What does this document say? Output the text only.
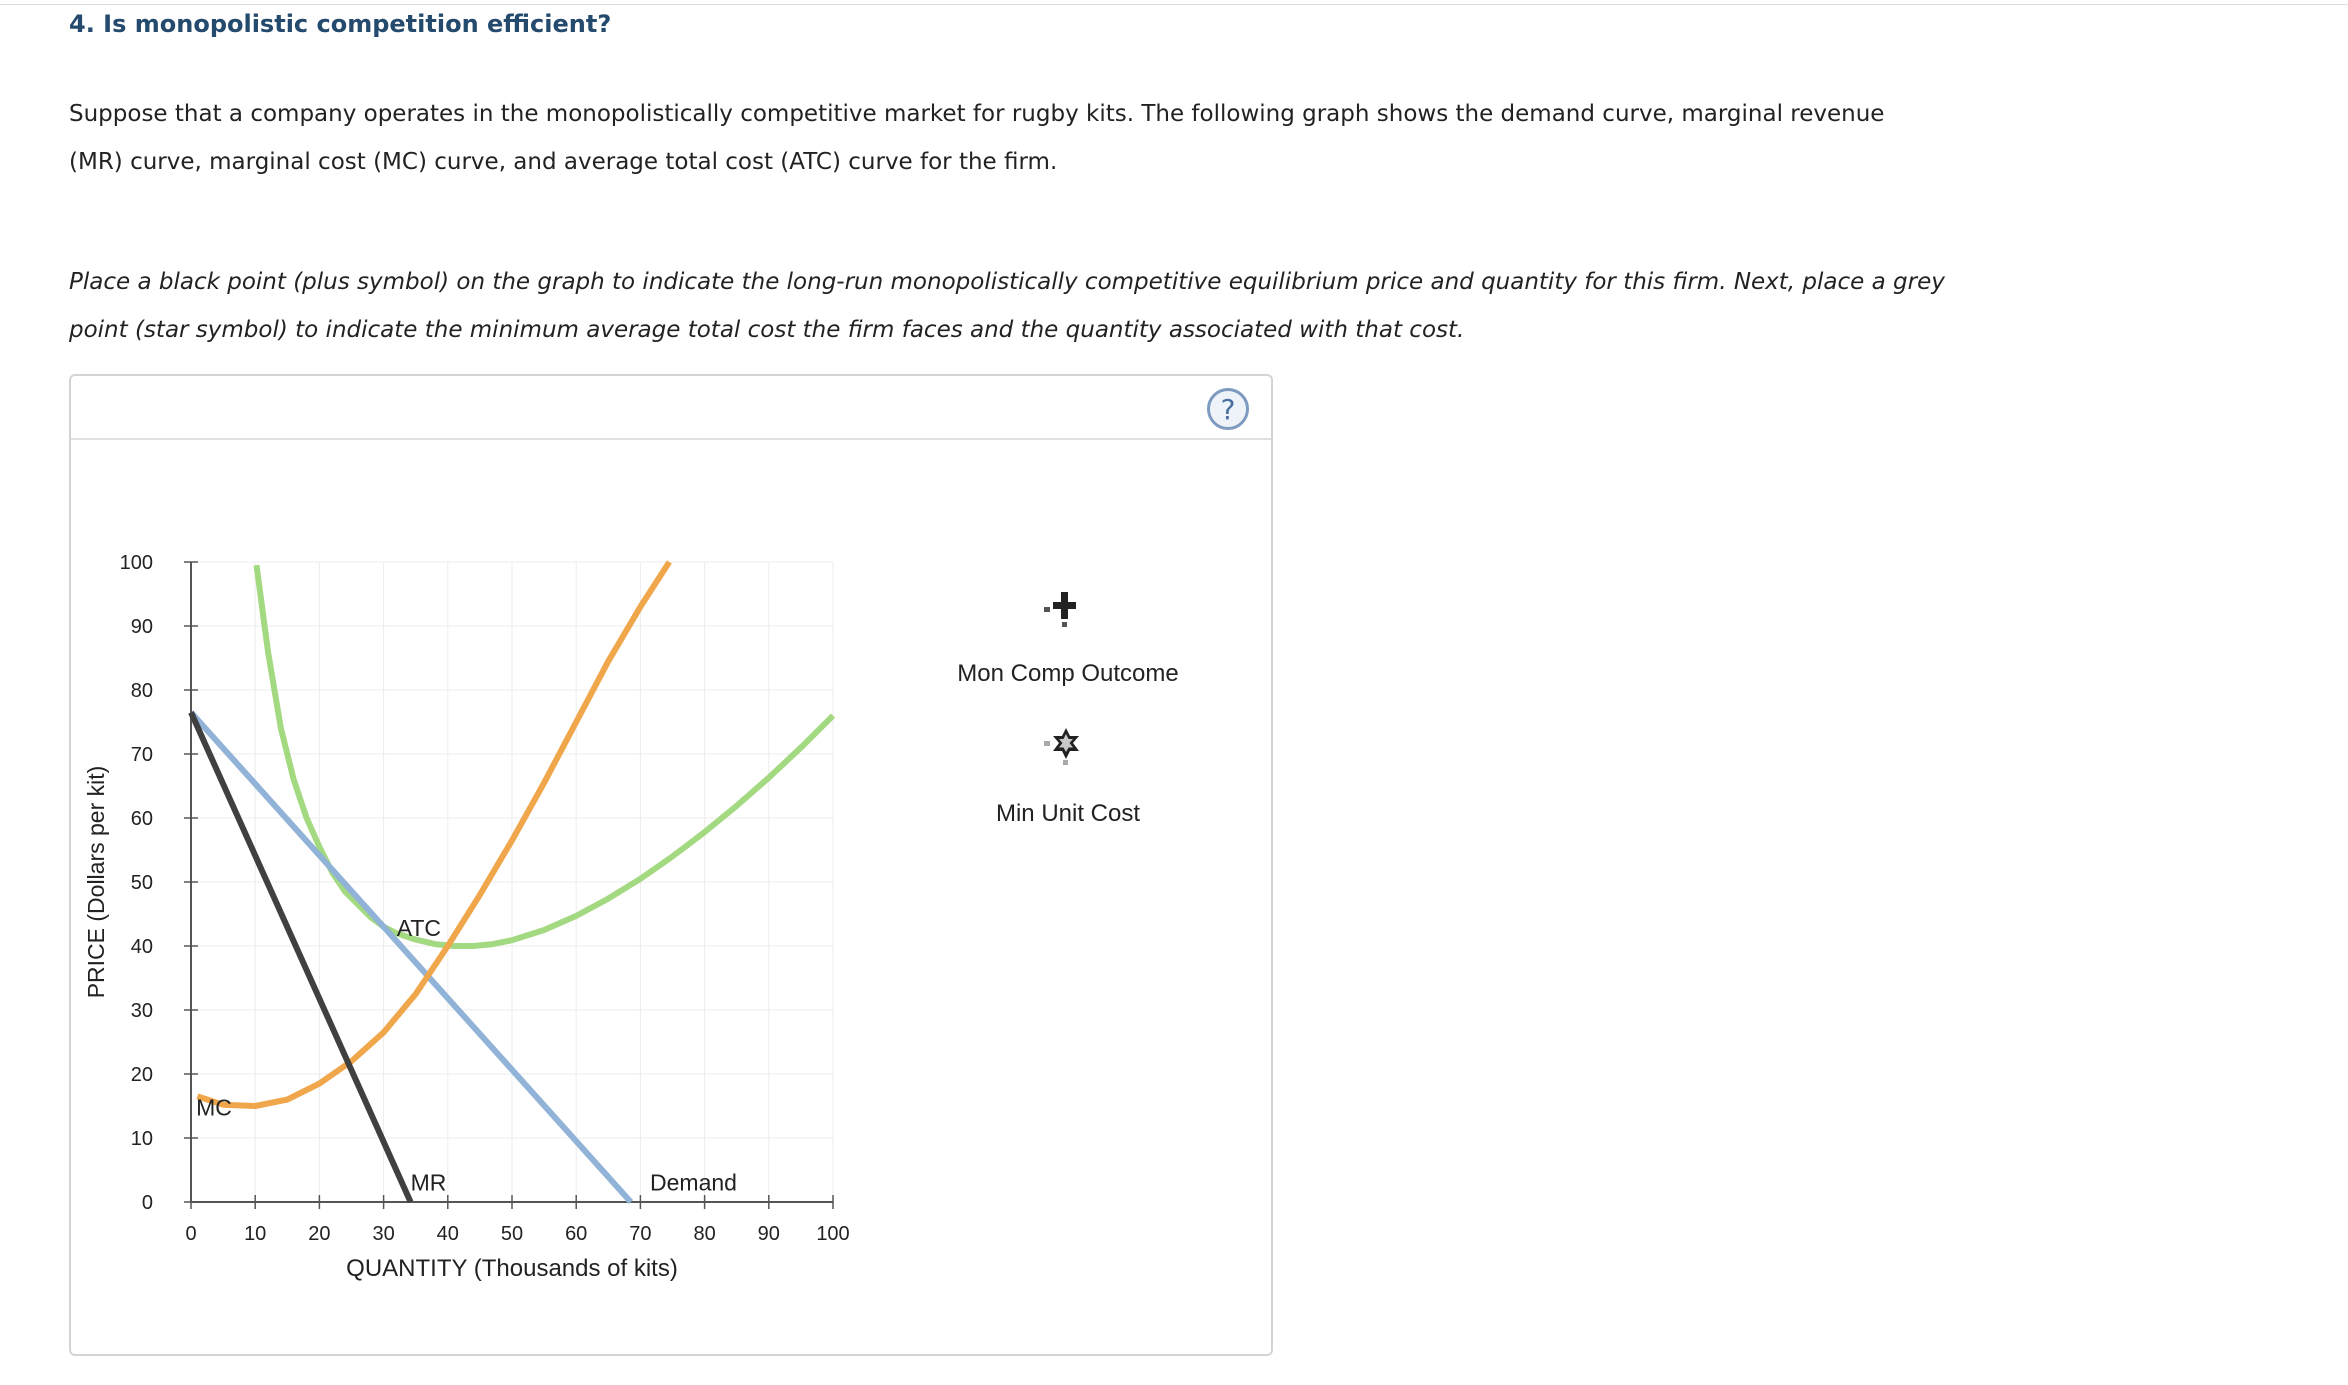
4. Is monopolistic competition efficient?

Suppose that a company operates in the monopolistically competitive market for rugby kits. The following graph shows the demand curve, marginal revenue (MR) curve, marginal cost (MC) curve, and average total cost (ATC) curve for the firm.

Place a black point (plus symbol) on the graph to indicate the long-run monopolistically competitive equilibrium price and quantity for this firm. Next, place a grey point (star symbol) to indicate the minimum average total cost the firm faces and the quantity associated with that cost.

?
0 10 20 30 40 50 60 70 80 90 100
0
10
20
30
40
50
60
70
80
90
100
QUANTITY (Thousands of kits)
PRICE (Dollars per kit)	ATC
Demand
MC
MR
Mon Comp Outcome
Min Unit Cost
